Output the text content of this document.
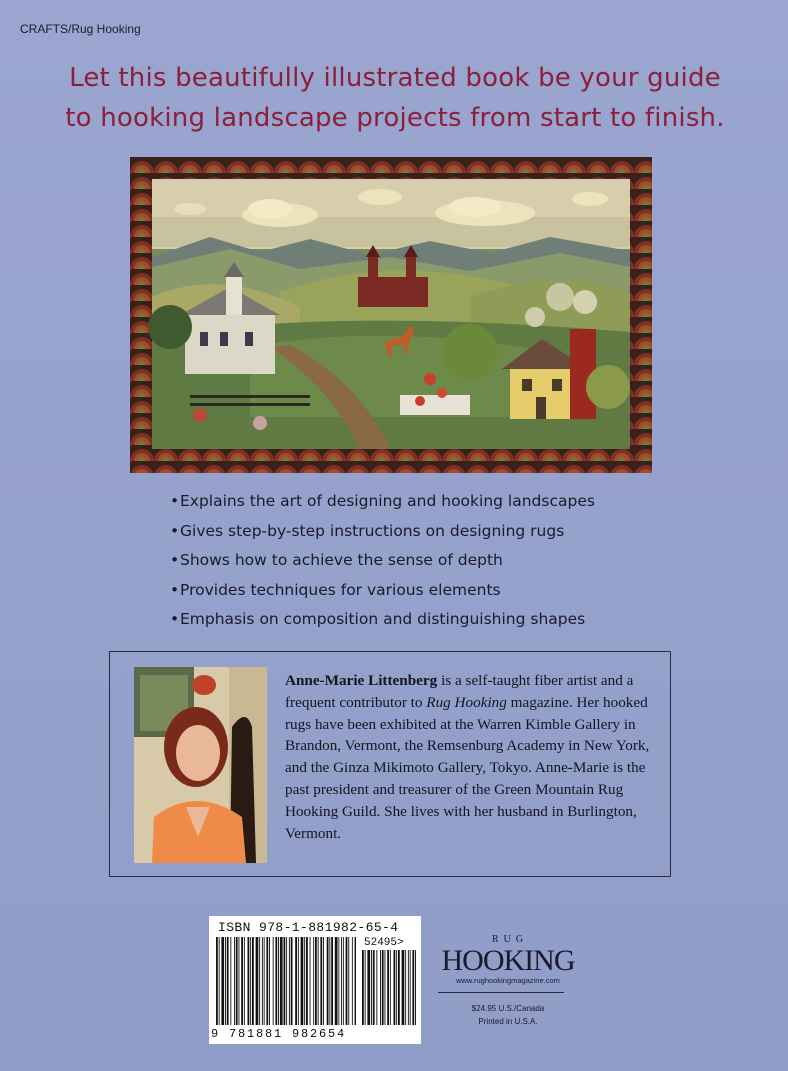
CRAFTS/Rug Hooking
Let this beautifully illustrated book be your guide
to hooking landscape projects from start to finish.
•Explains the art of designing and hooking landscapes
•Gives step-by-step instructions on designing rugs
•Shows how to achieve the sense of depth
•Provides techniques for various elements
•Emphasis on composition and distinguishing shapes
Anne-Marie Littenberg is a self-taught fiber artist and a frequent contributor to Rug Hooking magazine. Her hooked rugs have been exhibited at the Warren Kimble Gallery in Brandon, Vermont, the Remsenburg Academy in New York, and the Ginza Mikimoto Gallery, Tokyo. Anne-Marie is the past president and treasurer of the Green Mountain Rug Hooking Guild. She lives with her husband in Burlington, Vermont.
ISBN 978-1-881982-65-4
52495>
9 781881 982654
RUG
HOOKING
www.rughookingmagazine.com
$24.95 U.S./Canada
Printed in U.S.A.
